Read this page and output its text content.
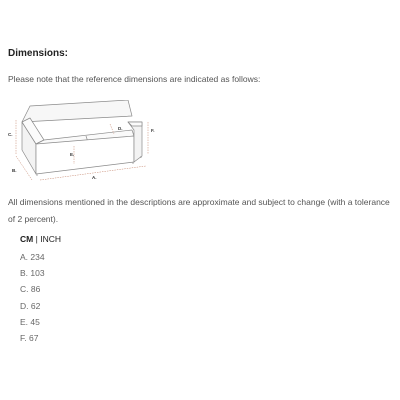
Dimensions:

Please note that the reference dimensions are indicated as follows:

A.
B.
C.
D.
E.
F.

All dimensions mentioned in the descriptions are approximate and subject to change (with a tolerance of 2 percent).

CM | INCH
A. 234
B. 103
C. 86
D. 62
E. 45
F. 67
